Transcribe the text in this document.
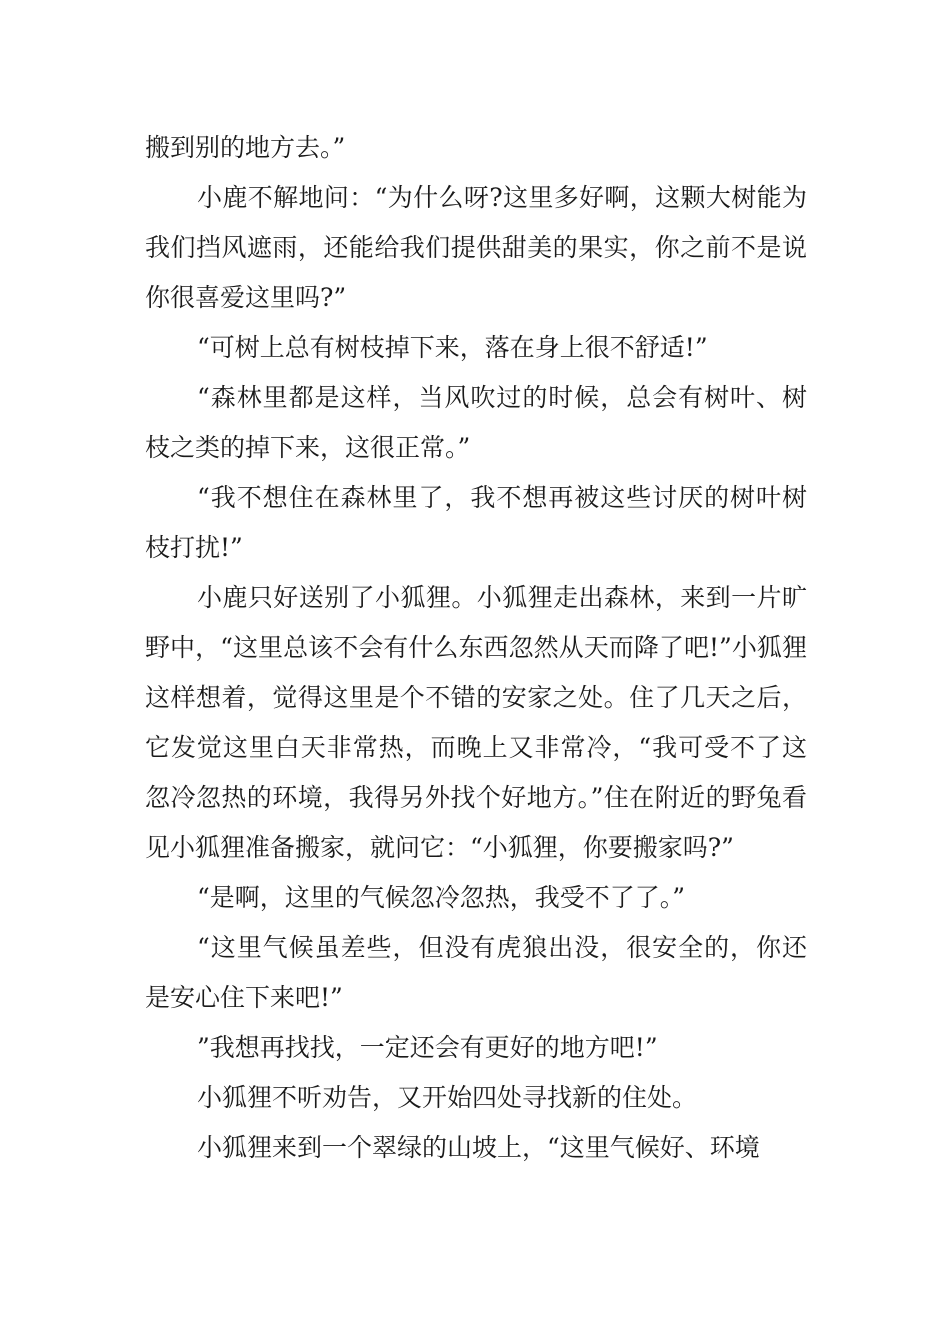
搬到别的地方去。”

小鹿不解地问：“为什么呀?这里多好啊，这颗大树能为我们挡风遮雨，还能给我们提供甜美的果实，你之前不是说你很喜爱这里吗?”

“可树上总有树枝掉下来，落在身上很不舒适!”

“森林里都是这样，当风吹过的时候，总会有树叶、树枝之类的掉下来，这很正常。”

“我不想住在森林里了，我不想再被这些讨厌的树叶树枝打扰!”

小鹿只好送别了小狐狸。小狐狸走出森林，来到一片旷野中，“这里总该不会有什么东西忽然从天而降了吧!”小狐狸这样想着，觉得这里是个不错的安家之处。住了几天之后，它发觉这里白天非常热，而晚上又非常冷，“我可受不了这忽冷忽热的环境，我得另外找个好地方。”住在附近的野兔看见小狐狸准备搬家，就问它：“小狐狸，你要搬家吗?”

“是啊，这里的气候忽冷忽热，我受不了了。”

“这里气候虽差些，但没有虎狼出没，很安全的，你还是安心住下来吧!”

”我想再找找，一定还会有更好的地方吧!”

小狐狸不听劝告，又开始四处寻找新的住处。

小狐狸来到一个翠绿的山坡上，“这里气候好、环境
